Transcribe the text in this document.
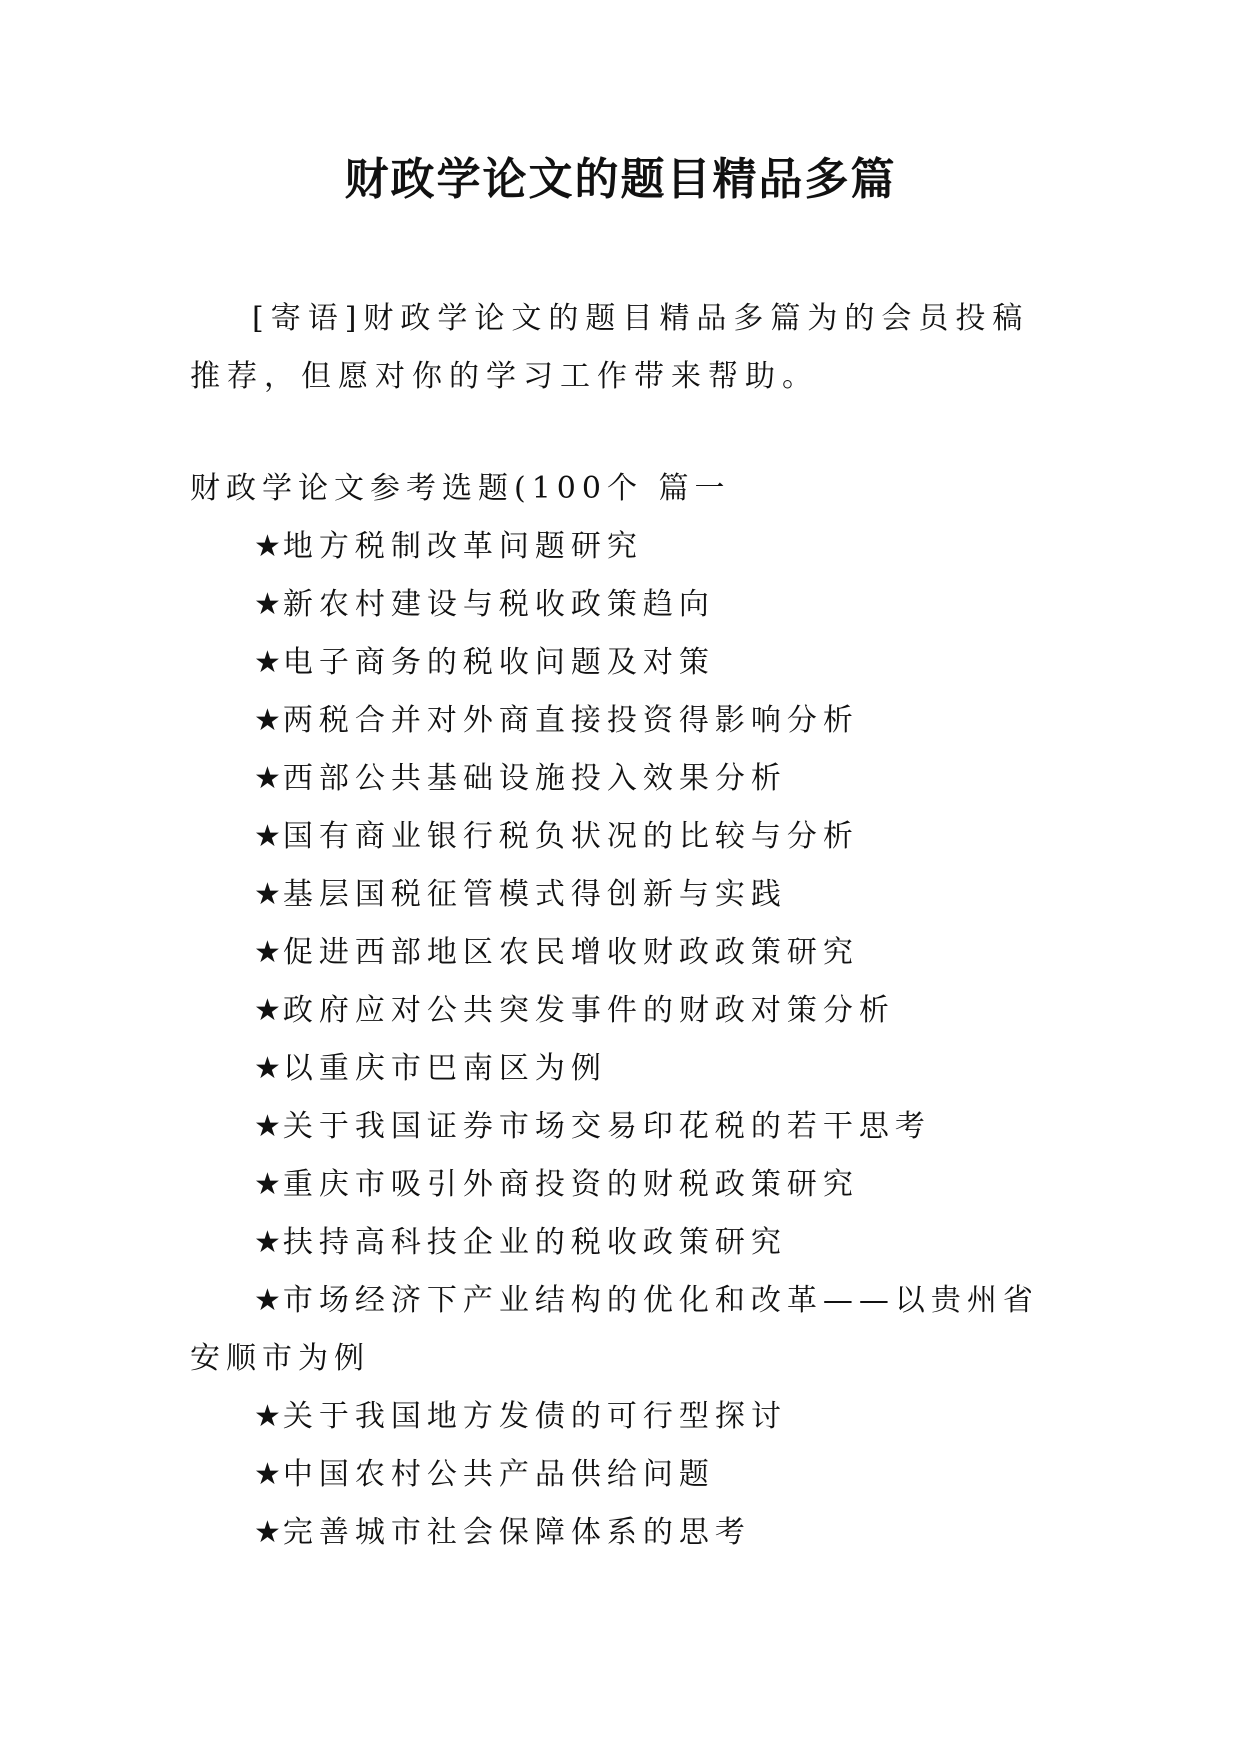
财政学论文的题目精品多篇
[寄语]财政学论文的题目精品多篇为的会员投稿推荐，但愿对你的学习工作带来帮助。
财政学论文参考选题(100个 篇一
★地方税制改革问题研究
★新农村建设与税收政策趋向
★电子商务的税收问题及对策
★两税合并对外商直接投资得影响分析
★西部公共基础设施投入效果分析
★国有商业银行税负状况的比较与分析
★基层国税征管模式得创新与实践
★促进西部地区农民增收财政政策研究
★政府应对公共突发事件的财政对策分析
★以重庆市巴南区为例
★关于我国证券市场交易印花税的若干思考
★重庆市吸引外商投资的财税政策研究
★扶持高科技企业的税收政策研究
★市场经济下产业结构的优化和改革——以贵州省安顺市为例
★关于我国地方发债的可行型探讨
★中国农村公共产品供给问题
★完善城市社会保障体系的思考
